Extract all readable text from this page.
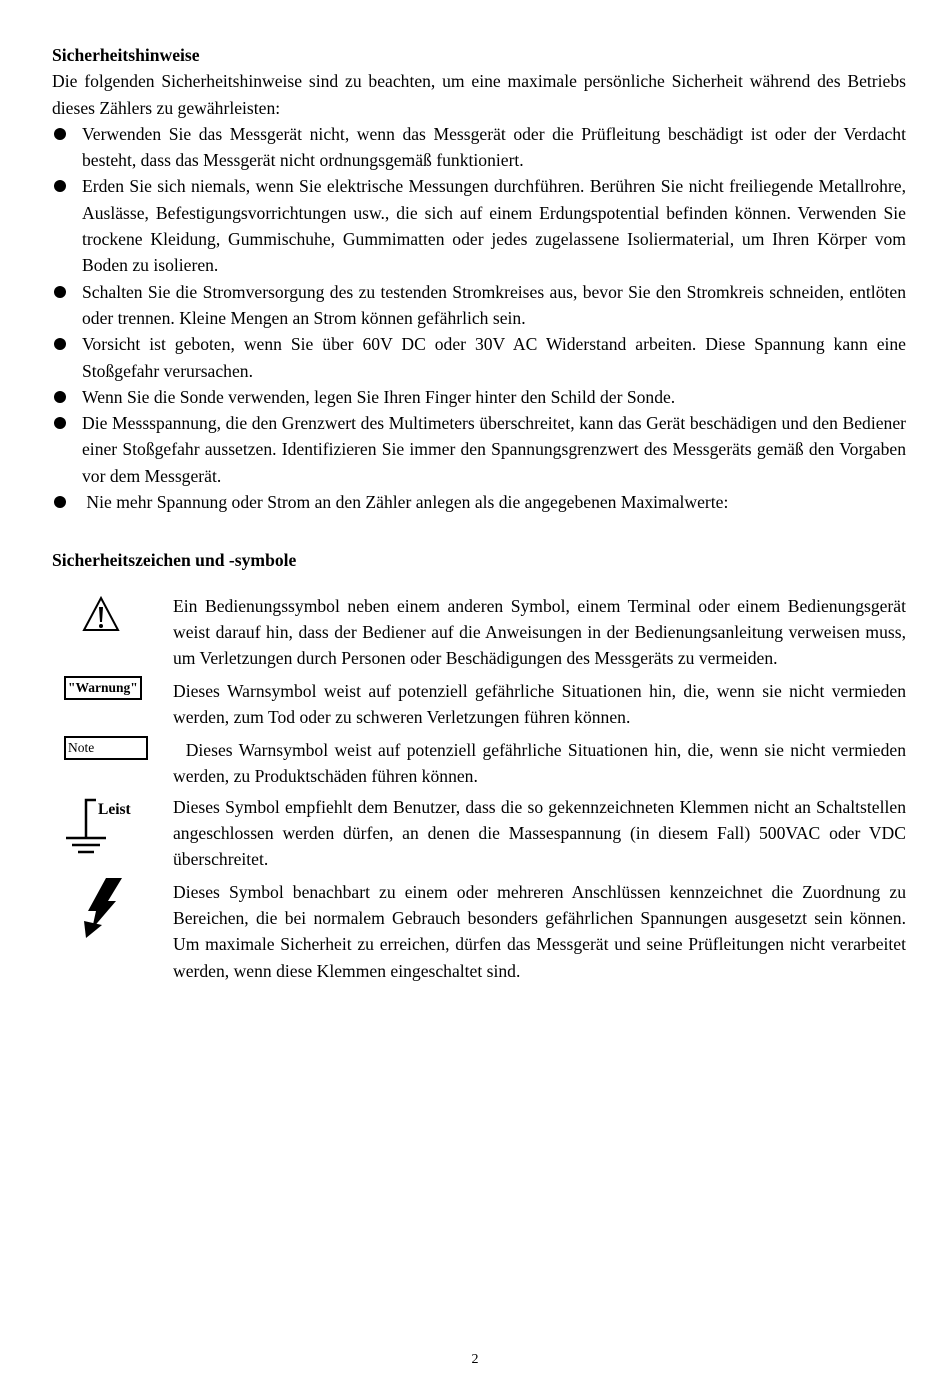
Sicherheitshinweise

Die folgenden Sicherheitshinweise sind zu beachten, um eine maximale persönliche Sicherheit während des Betriebs dieses Zählers zu gewährleisten:

Verwenden Sie das Messgerät nicht, wenn das Messgerät oder die Prüfleitung beschädigt ist oder der Verdacht besteht, dass das Messgerät nicht ordnungsgemäß funktioniert.
Erden Sie sich niemals, wenn Sie elektrische Messungen durchführen. Berühren Sie nicht freiliegende Metallrohre, Auslässe, Befestigungsvorrichtungen usw., die sich auf einem Erdungspotential befinden können. Verwenden Sie trockene Kleidung, Gummischuhe, Gummimatten oder jedes zugelassene Isoliermaterial, um Ihren Körper vom Boden zu isolieren.
Schalten Sie die Stromversorgung des zu testenden Stromkreises aus, bevor Sie den Stromkreis schneiden, entlöten oder trennen. Kleine Mengen an Strom können gefährlich sein.
Vorsicht ist geboten, wenn Sie über 60V DC oder 30V AC Widerstand arbeiten. Diese Spannung kann eine Stoßgefahr verursachen.
Wenn Sie die Sonde verwenden, legen Sie Ihren Finger hinter den Schild der Sonde.
Die Messspannung, die den Grenzwert des Multimeters überschreitet, kann das Gerät beschädigen und den Bediener einer Stoßgefahr aussetzen. Identifizieren Sie immer den Spannungsgrenzwert des Messgeräts gemäß den Vorgaben vor dem Messgerät.
Nie mehr Spannung oder Strom an den Zähler anlegen als die angegebenen Maximalwerte:
Sicherheitszeichen und -symbole

Ein Bedienungssymbol neben einem anderen Symbol, einem Terminal oder einem Bedienungsgerät weist darauf hin, dass der Bediener auf die Anweisungen in der Bedienungsanleitung verweisen muss, um Verletzungen durch Personen oder Beschädigungen des Messgeräts zu vermeiden.

"Warnung" Dieses Warnsymbol weist auf potenziell gefährliche Situationen hin, die, wenn sie nicht vermieden werden, zum Tod oder zu schweren Verletzungen führen können.

Note	Dieses Warnsymbol weist auf potenziell gefährliche Situationen hin, die, wenn sie nicht vermieden werden, zu Produktschäden führen können.

Leist Dieses Symbol empfiehlt dem Benutzer, dass die so gekennzeichneten Klemmen nicht an Schaltstellen angeschlossen werden dürfen, an denen die Massespannung (in diesem Fall) 500VAC oder VDC überschreitet.

Dieses Symbol benachbart zu einem oder mehreren Anschlüssen kennzeichnet die Zuordnung zu Bereichen, die bei normalem Gebrauch besonders gefährlichen Spannungen ausgesetzt sein können. Um maximale Sicherheit zu erreichen, dürfen das Messgerät und seine Prüfleitungen nicht verarbeitet werden, wenn diese Klemmen eingeschaltet sind.

2
